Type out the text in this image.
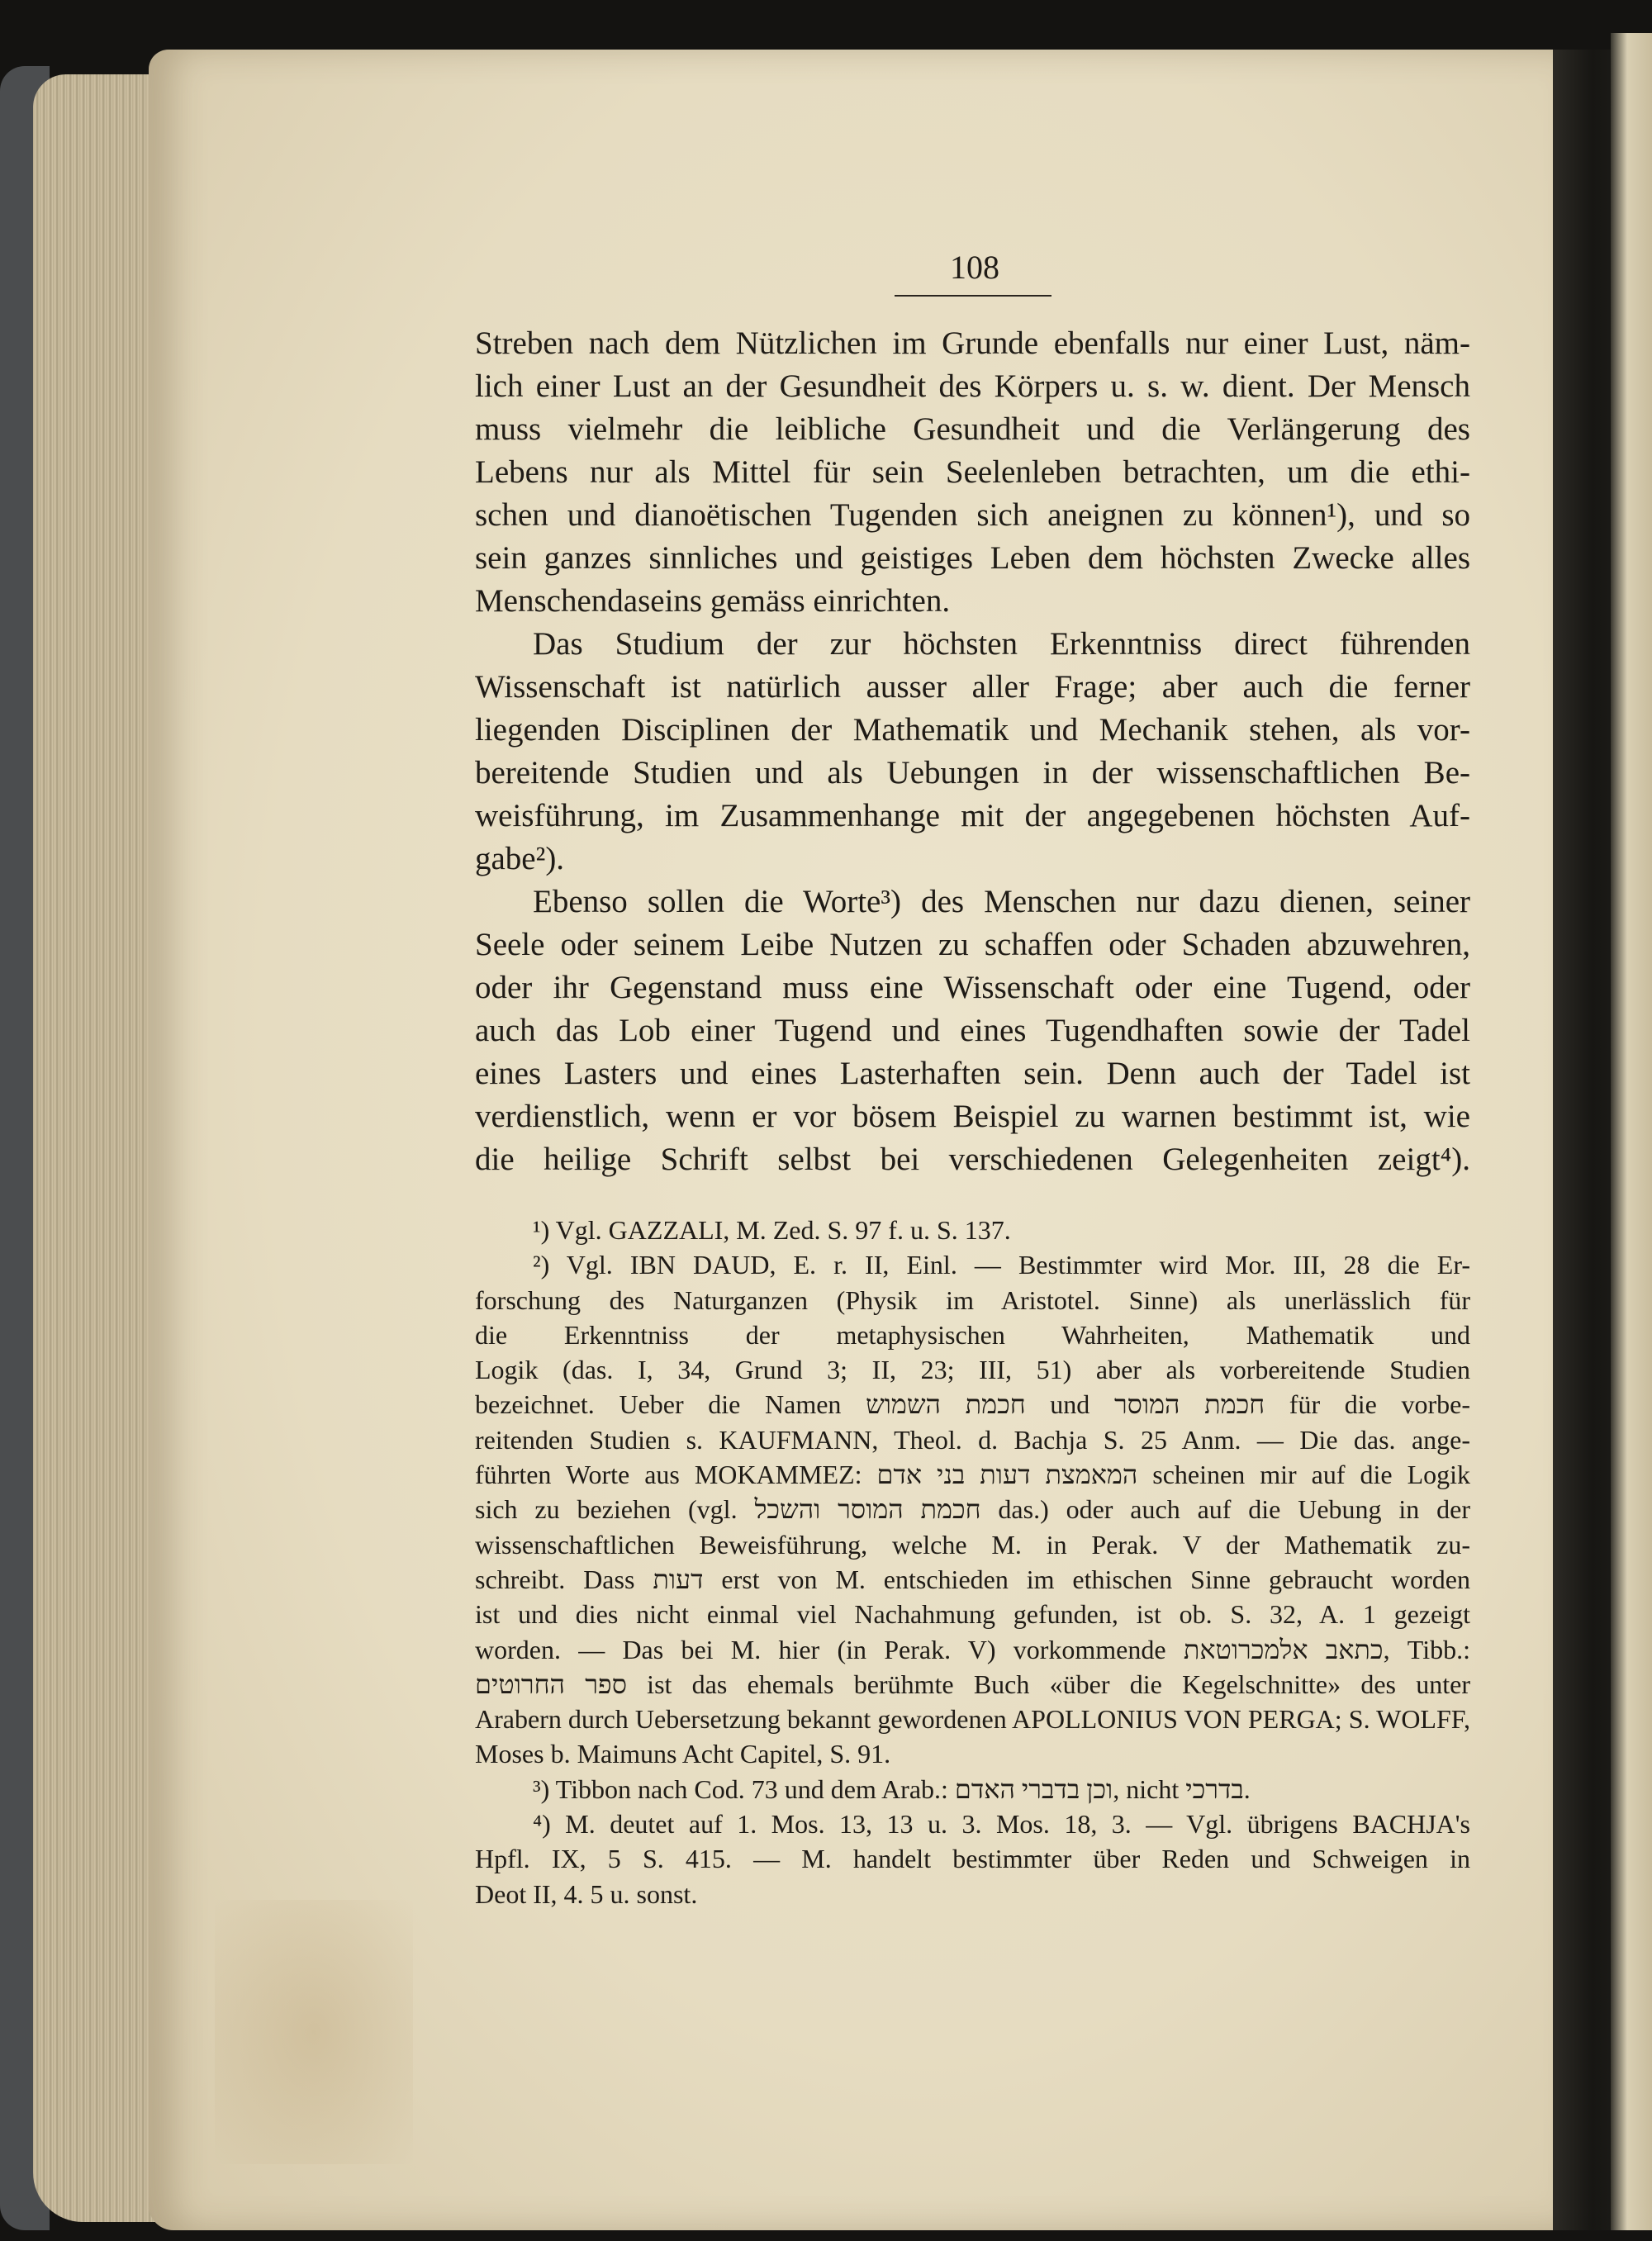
108
Streben nach dem Nützlichen im Grunde ebenfalls nur einer Lust, näm-
lich einer Lust an der Gesundheit des Körpers u. s. w. dient. Der Mensch
muss vielmehr die leibliche Gesundheit und die Verlängerung des
Lebens nur als Mittel für sein Seelenleben betrachten, um die ethi-
schen und dianoëtischen Tugenden sich aneignen zu können¹), und so
sein ganzes sinnliches und geistiges Leben dem höchsten Zwecke alles
Menschendaseins gemäss einrichten.
Das Studium der zur höchsten Erkenntniss direct führenden
Wissenschaft ist natürlich ausser aller Frage; aber auch die ferner
liegenden Disciplinen der Mathematik und Mechanik stehen, als vor-
bereitende Studien und als Uebungen in der wissenschaftlichen Be-
weisführung, im Zusammenhange mit der angegebenen höchsten Auf-
gabe²).
Ebenso sollen die Worte³) des Menschen nur dazu dienen, seiner
Seele oder seinem Leibe Nutzen zu schaffen oder Schaden abzuwehren,
oder ihr Gegenstand muss eine Wissenschaft oder eine Tugend, oder
auch das Lob einer Tugend und eines Tugendhaften sowie der Tadel
eines Lasters und eines Lasterhaften sein. Denn auch der Tadel ist
verdienstlich, wenn er vor bösem Beispiel zu warnen bestimmt ist, wie
die heilige Schrift selbst bei verschiedenen Gelegenheiten zeigt⁴).
¹) Vgl. GAZZALI, M. Zed. S. 97 f. u. S. 137.
²) Vgl. IBN DAUD, E. r. II, Einl. — Bestimmter wird Mor. III, 28 die Er-
forschung des Naturganzen (Physik im Aristotel. Sinne) als unerlässlich für
die Erkenntniss der metaphysischen Wahrheiten, Mathematik und
Logik (das. I, 34, Grund 3; II, 23; III, 51) aber als vorbereitende Studien
bezeichnet. Ueber die Namen חכמת השמוש und חכמת המוסר für die vorbe-
reitenden Studien s. KAUFMANN, Theol. d. Bachja S. 25 Anm. — Die das. ange-
führten Worte aus MOKAMMEZ: המאמצת דעות בני אדם scheinen mir auf die Logik
sich zu beziehen (vgl. חכמת המוסר והשכל das.) oder auch auf die Uebung in der
wissenschaftlichen Beweisführung, welche M. in Perak. V der Mathematik zu-
schreibt. Dass דעות erst von M. entschieden im ethischen Sinne gebraucht worden
ist und dies nicht einmal viel Nachahmung gefunden, ist ob. S. 32, A. 1 gezeigt
worden. — Das bei M. hier (in Perak. V) vorkommende כתאב אלמכרוטאת, Tibb.:
ספר החרוטים ist das ehemals berühmte Buch «über die Kegelschnitte» des unter
Arabern durch Uebersetzung bekannt gewordenen APOLLONIUS VON PERGA; S. WOLFF,
Moses b. Maimuns Acht Capitel, S. 91.
³) Tibbon nach Cod. 73 und dem Arab.: וכן בדברי האדם, nicht בדרכי.
⁴) M. deutet auf 1. Mos. 13, 13 u. 3. Mos. 18, 3. — Vgl. übrigens BACHJA's
Hpfl. IX, 5 S. 415. — M. handelt bestimmter über Reden und Schweigen in
Deot II, 4. 5 u. sonst.
